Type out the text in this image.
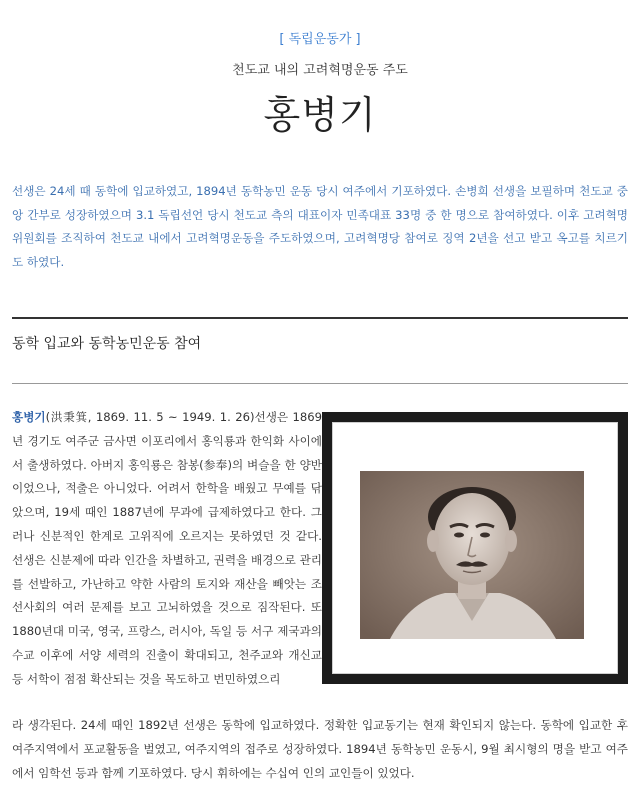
[ 독립운동가 ]
천도교 내의 고려혁명운동 주도
홍병기

선생은 24세 때 동학에 입교하였고, 1894년 동학농민 운동 당시 여주에서 기포하였다. 손병희 선생을 보필하며 천도교 중앙 간부로 성장하였으며 3.1 독립선언 당시 천도교 측의 대표이자 민족대표 33명 중 한 명으로 참여하였다. 이후 고려혁명위원회를 조직하여 천도교 내에서 고려혁명운동을 주도하였으며, 고려혁명당 참여로 징역 2년을 선고 받고 옥고를 치르기도 하였다.

동학 입교와 동학농민운동 참여

홍병기(洪秉箕, 1869. 11. 5 ~ 1949. 1. 26)선생은 1869년 경기도 여주군 금사면 이포리에서 홍익룡과 한익화 사이에서 출생하였다. 아버지 홍익룡은 참봉(参奉)의 벼슬을 한 양반이었으나, 적출은 아니었다. 어려서 한학을 배웠고 무예를 닦았으며, 19세 때인 1887년에 무과에 급제하였다고 한다. 그러나 신분적인 한계로 고위직에 오르지는 못하였던 것 같다. 선생은 신분제에 따라 인간을 차별하고, 권력을 배경으로 관리를 선발하고, 가난하고 약한 사람의 토지와 재산을 빼앗는 조선사회의 여러 문제를 보고 고뇌하였을 것으로 짐작된다. 또 1880년대 미국, 영국, 프랑스, 러시아, 독일 등 서구 제국과의 수교 이후에 서양 세력의 진출이 확대되고, 천주교와 개신교 등 서학이 점점 확산되는 것을 목도하고 번민하였으리

라 생각된다. 24세 때인 1892년 선생은 동학에 입교하였다. 정확한 입교동기는 현재 확인되지 않는다. 동학에 입교한 후 여주지역에서 포교활동을 벌였고, 여주지역의 접주로 성장하였다. 1894년 동학농민 운동시, 9월 최시형의 명을 받고 여주에서 임학선 등과 함께 기포하였다. 당시 휘하에는 수십여 인의 교인들이 있었다.
